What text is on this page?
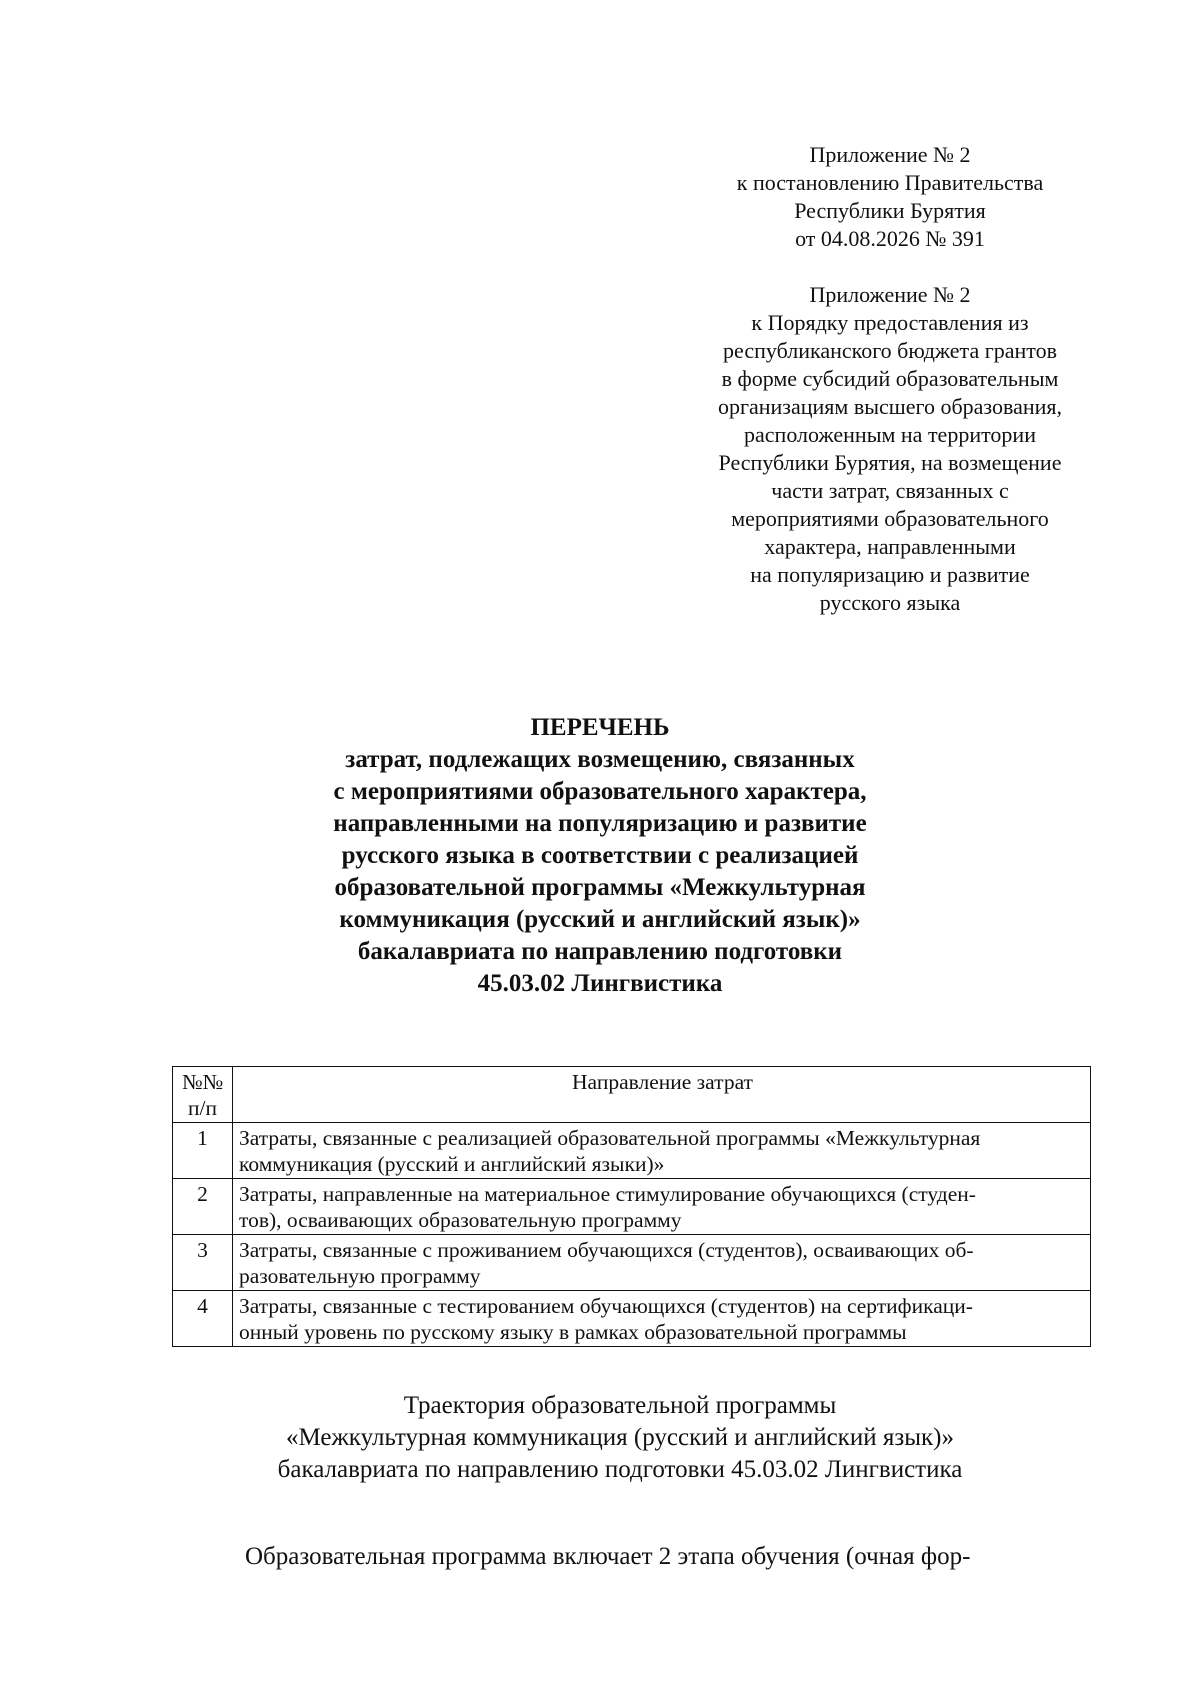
Приложение № 2
к постановлению Правительства
Республики Бурятия
от 04.08.2026 № 391
Приложение № 2
к Порядку предоставления из
республиканского бюджета грантов
в форме субсидий образовательным
организациям высшего образования,
расположенным на территории
Республики Бурятия, на возмещение
части затрат, связанных с
мероприятиями образовательного
характера, направленными
на популяризацию и развитие
русского языка
ПЕРЕЧЕНЬ
затрат, подлежащих возмещению, связанных
с мероприятиями образовательного характера,
направленными на популяризацию и развитие
русского языка в соответствии с реализацией
образовательной программы «Межкультурная
коммуникация (русский и английский язык)»
бакалавриата по направлению подготовки
45.03.02 Лингвистика
№№
п/п	Направление затрат
1	Затраты, связанные с реализацией образовательной программы «Межкультурная
коммуникация (русский и английский языки)»

2	Затраты, направленные на материальное стимулирование обучающихся (студен-
тов), осваивающих образовательную программу

3	Затраты, связанные с проживанием обучающихся (студентов), осваивающих об-
разовательную программу

4	Затраты, связанные с тестированием обучающихся (студентов) на сертификаци-
онный уровень по русскому языку в рамках образовательной программы
Траектория образовательной программы
«Межкультурная коммуникация (русский и английский язык)»
бакалавриата по направлению подготовки 45.03.02 Лингвистика
Образовательная программа включает 2 этапа обучения (очная фор-
